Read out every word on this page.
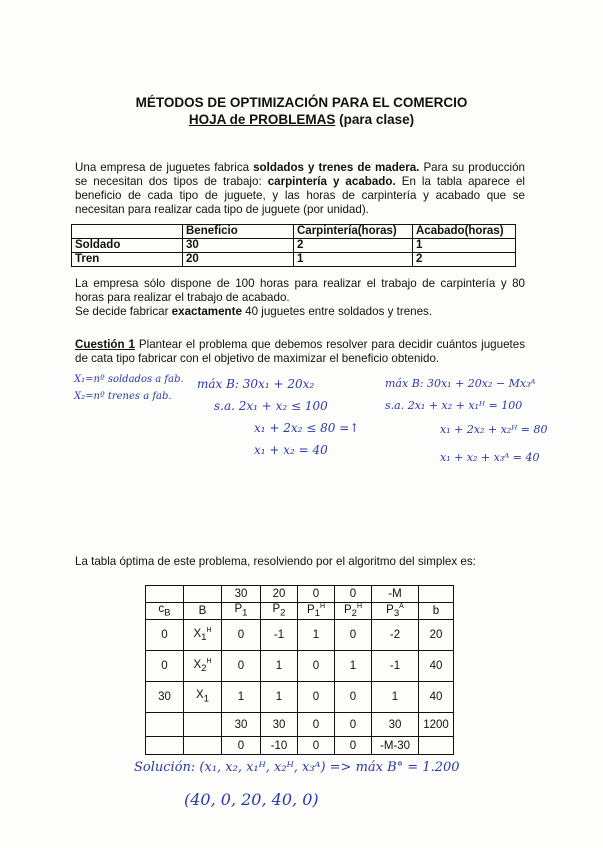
MÉTODOS DE OPTIMIZACIÓN PARA EL COMERCIO
HOJA de PROBLEMAS (para clase)
Una empresa de juguetes fabrica soldados y trenes de madera. Para su producción se necesitan dos tipos de trabajo: carpintería y acabado. En la tabla aparece el beneficio de cada tipo de juguete, y las horas de carpintería y acabado que se necesitan para realizar cada tipo de juguete (por unidad).
	Beneficio	Carpintería(horas)	Acabado(horas)
Soldado	30	2	1
Tren	20	1	2
La empresa sólo dispone de 100 horas para realizar el trabajo de carpintería y 80 horas para realizar el trabajo de acabado.
Se decide fabricar exactamente 40 juguetes entre soldados y trenes.
Cuestión 1 Plantear el problema que debemos resolver para decidir cuántos juguetes de cata tipo fabricar con el objetivo de maximizar el beneficio obtenido.
X₁=nº soldados a fab.
X₂=nº trenes a fab.
máx B: 30x₁ + 20x₂
s.a. 2x₁ + x₂ ≤ 100
x₁ + 2x₂ ≤ 80 =↑
x₁ + x₂ = 40
máx B: 30x₁ + 20x₂ − Mx₃ᴬ
s.a. 2x₁ + x₂ + x₁ᴴ = 100
x₁ + 2x₂ + x₂ᴴ = 80
x₁ + x₂ + x₃ᴬ = 40
La tabla óptima de este problema, resolviendo por el algoritmo del simplex es:
		30	20	0	0	-M	
$c_B$	B	$P_1$	$P_2$	$P_1^H$	$P_2^H$	$P_3^A$	b
0	$X_1^H$	0	-1	1	0	-2	20
0	$X_2^H$	0	1	0	1	-1	40
30	$X_1$	1	1	0	0	1	40
		30	30	0	0	30	1200
		0	-10	0	0	-M-30	
Solución: (x₁, x₂, x₁ᴴ, x₂ᴴ, x₃ᴬ) => máx B° = 1.200
(40, 0, 20, 40, 0)
